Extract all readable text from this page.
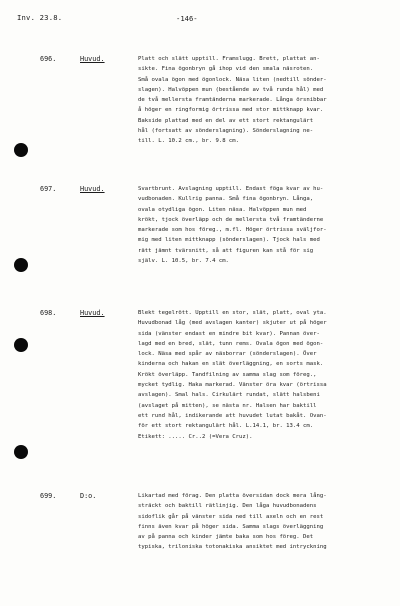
Inv. 23.8.	-146-
696.	Huvud.	Platt och slätt upptill. Framslugg. Brett, plattat an-
sikte. Fina ögonbryn gå ihop vid den smala näsroten.
Små ovala ögon med ögonlock. Näsa liten (nedtill sönder-
slagen). Halvöppen mun (bestående av två runda hål) med
de två mellersta framtänderna markerade. Långa örsnibbar
å höger en ringformig örtrissa med stor mittknapp kvar.
Bakside plattad med en del av ett stort rektangulärt
hål (fortsatt av sönderslagning). Sönderslagning ne-
till. L. 10.2 cm., br. 9.8 cm.
697.	Huvud.	Svartbrunt. Avslagning upptill. Endast föga kvar av hu-
vudbonaden. Kullrig panna. Små fina ögonbryn. Långa,
ovala otydliga ögon. Liten näsa. Halvöppen mun med
krökt, tjock överläpp och de mellersta två framtänderne
markerade som hos föreg., m.fl. Höger örtrissa sväljfor-
mig med liten mittknapp (sönderslagen). Tjock hals med
rätt jämnt tvärsnitt, så att figuren kan stå för sig
själv. L. 10.5, br. 7.4 cm.
698.	Huvud.	Blekt tegelrött. Upptill en stor, slät, platt, oval yta.
Huvudbonad låg (med avslagen kanter) skjuter ut på höger
sida (vänster endast en mindre bit kvar). Pannan över-
lagd med en bred, slät, tunn rems. Ovala ögon med ögon-
lock. Näsa med spår av näsborrar (sönderslagen). Över
kinderna och hakan en slät överläggning, en sorts mask.
Krökt överläpp. Tandfilning av samma slag som föreg.,
mycket tydlig. Haka markerad. Vänster öra kvar (örtrissa
avslagen). Smal hals. Cirkulärt rundat, slätt halsbeni
(avslaget på mitten), se nästa nr. Halsen har baktill
ett rund hål, indikerande att huvudet lutat bakåt. Ovan-
för ett stort rektangulärt hål. L.14.1, br. 13.4 cm.
Etikett: ..... Cr..2 (=Vera Cruz).
699.	D:o.	Likartad med förag. Den platta översidan dock mera lång-
sträckt och baktill rätlinjig. Den låga huvudbonadens
sidoflik går på vänster sida ned till axeln och en rest
finns även kvar på höger sida. Samma slags överläggning
av på panna och kinder jämte baka som hos föreg. Det
typiska, triloniska totonakiska ansiktet med intryckning
